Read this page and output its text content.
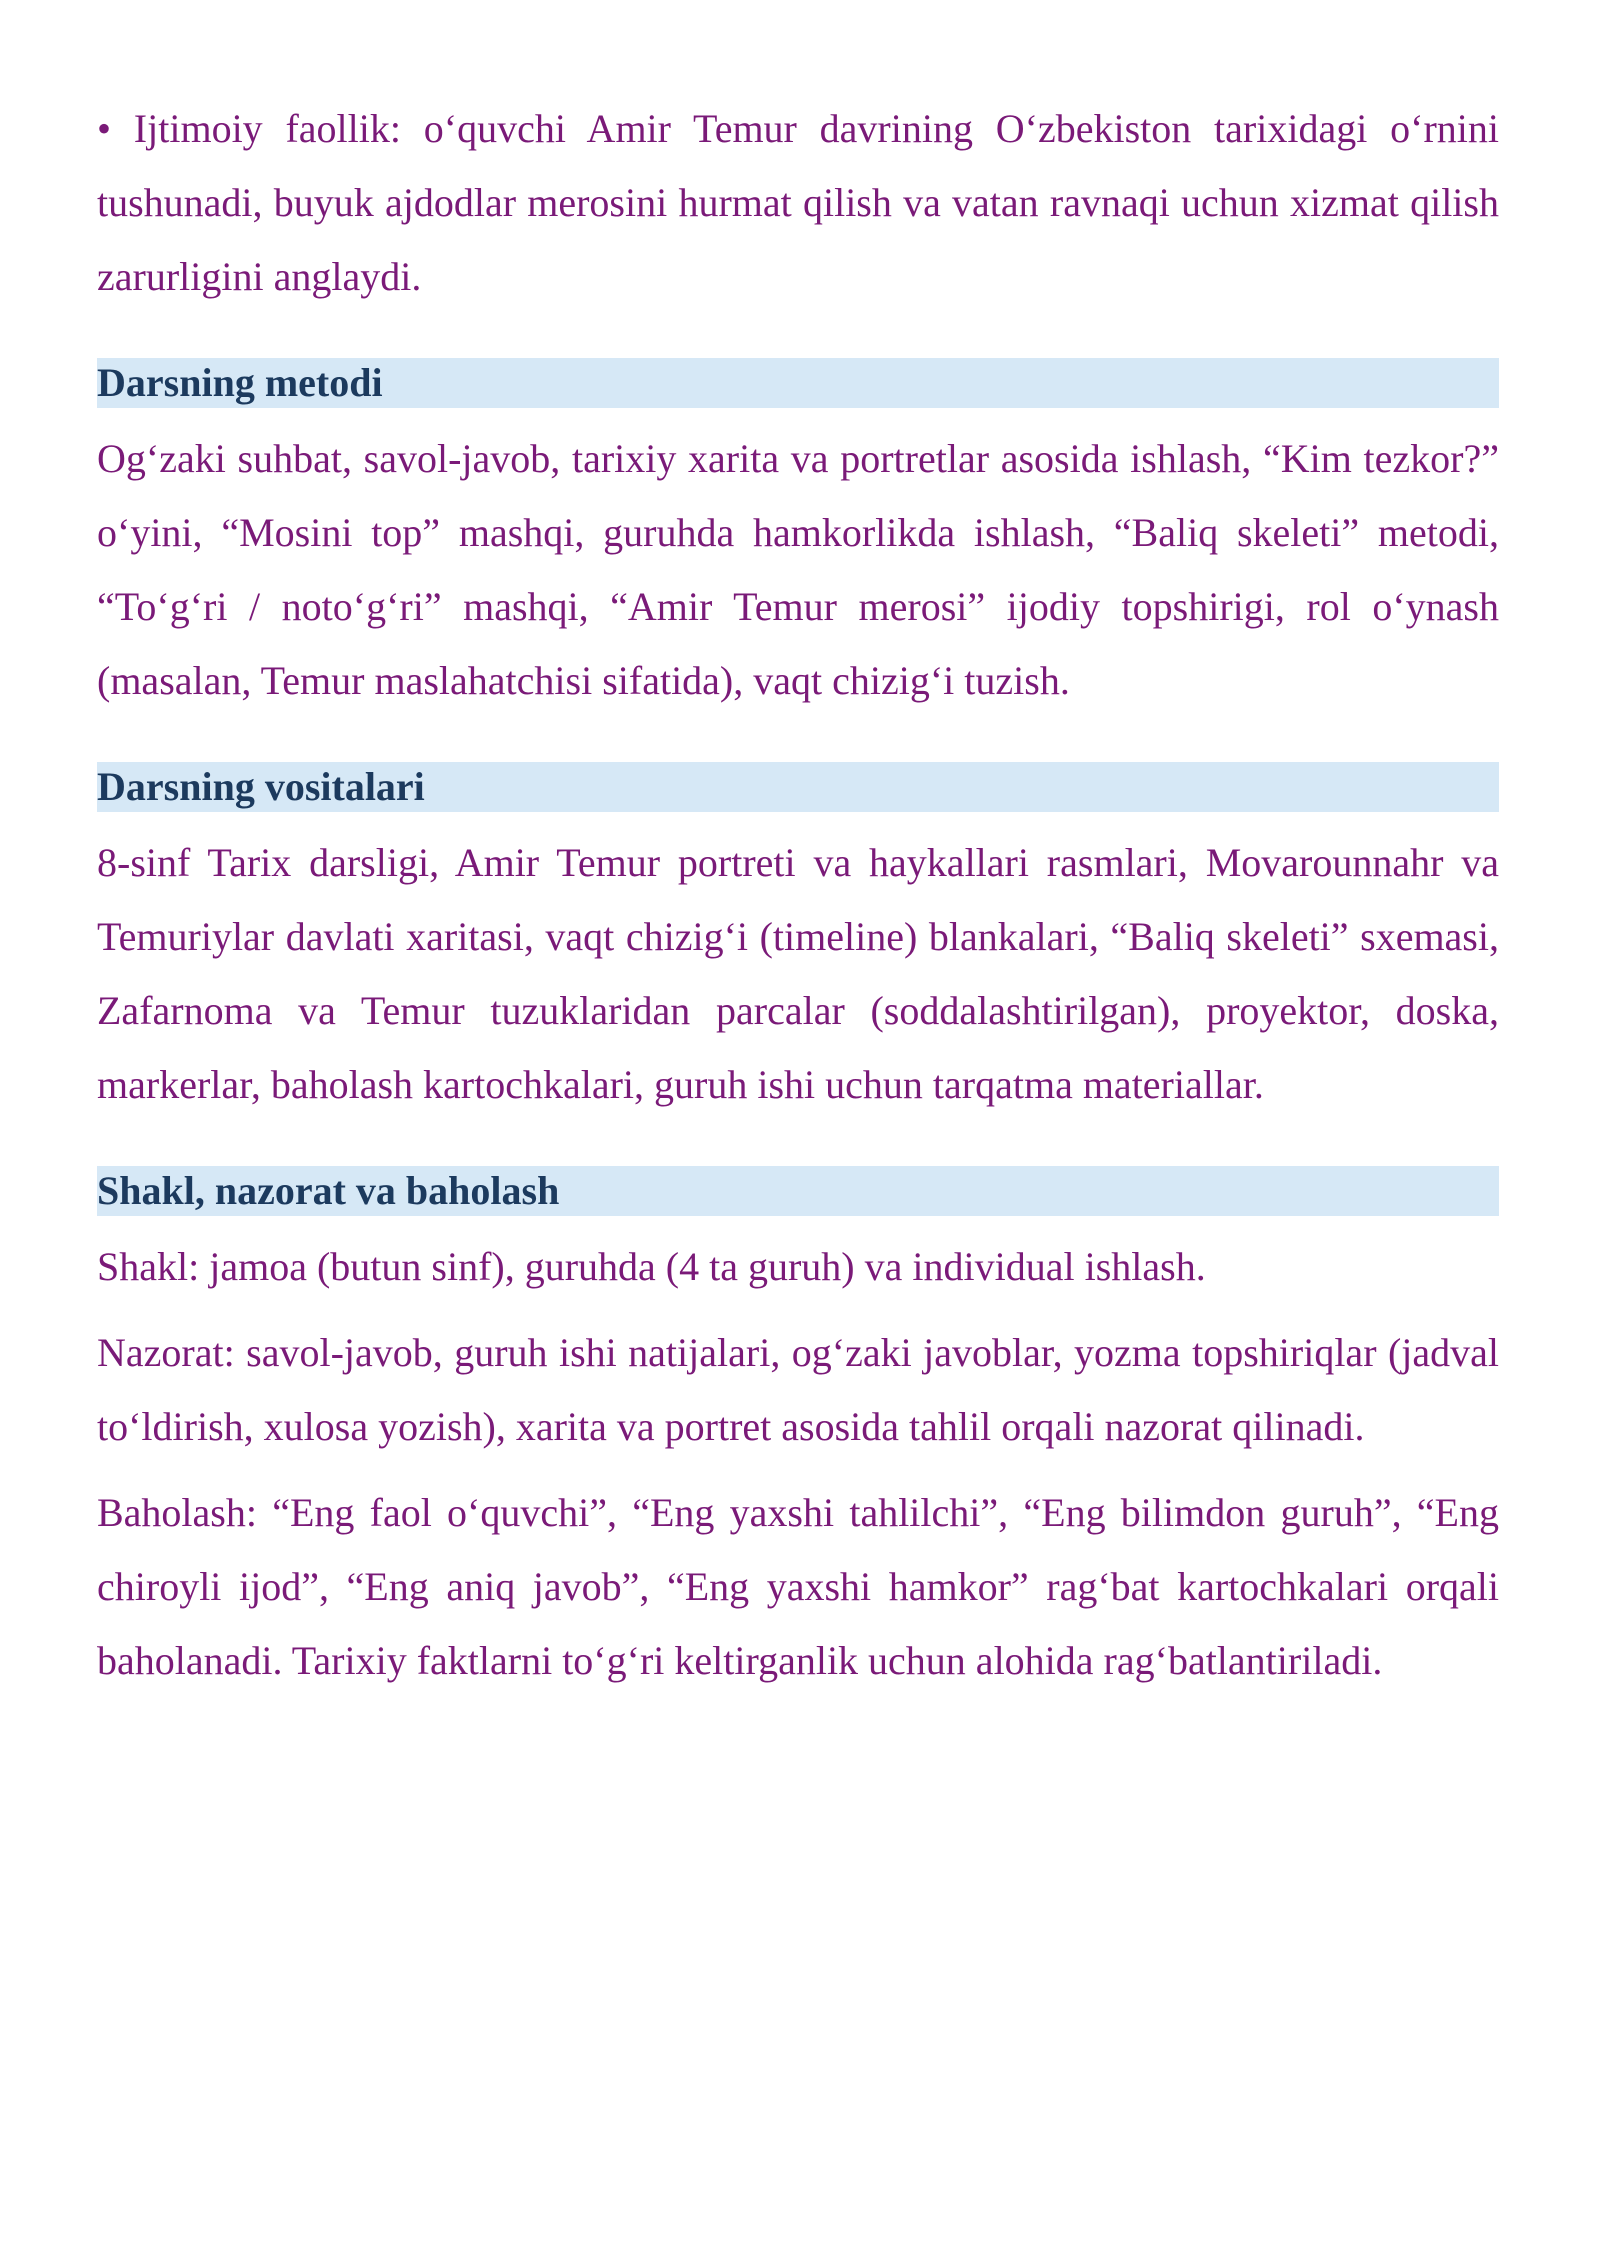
• Ijtimoiy faollik: o‘quvchi Amir Temur davrining O‘zbekiston tarixidagi o‘rnini tushunadi, buyuk ajdodlar merosini hurmat qilish va vatan ravnaqi uchun xizmat qilish zarurligini anglaydi.

Darsning metodi

Og‘zaki suhbat, savol-javob, tarixiy xarita va portretlar asosida ishlash, “Kim tezkor?” o‘yini, “Mosini top” mashqi, guruhda hamkorlikda ishlash, “Baliq skeleti” metodi, “To‘g‘ri / noto‘g‘ri” mashqi, “Amir Temur merosi” ijodiy topshirigi, rol o‘ynash (masalan, Temur maslahatchisi sifatida), vaqt chizig‘i tuzish.

Darsning vositalari

8-sinf Tarix darsligi, Amir Temur portreti va haykallari rasmlari, Movarounnahr va Temuriylar davlati xaritasi, vaqt chizig‘i (timeline) blankalari, “Baliq skeleti” sxemasi, Zafarnoma va Temur tuzuklaridan parcalar (soddalashtirilgan), proyektor, doska, markerlar, baholash kartochkalari, guruh ishi uchun tarqatma materiallar.

Shakl, nazorat va baholash

Shakl: jamoa (butun sinf), guruhda (4 ta guruh) va individual ishlash.

Nazorat: savol-javob, guruh ishi natijalari, og‘zaki javoblar, yozma topshiriqlar (jadval to‘ldirish, xulosa yozish), xarita va portret asosida tahlil orqali nazorat qilinadi.

Baholash: “Eng faol o‘quvchi”, “Eng yaxshi tahlilchi”, “Eng bilimdon guruh”, “Eng chiroyli ijod”, “Eng aniq javob”, “Eng yaxshi hamkor” rag‘bat kartochkalari orqali baholanadi. Tarixiy faktlarni to‘g‘ri keltirganlik uchun alohida rag‘batlantiriladi.
